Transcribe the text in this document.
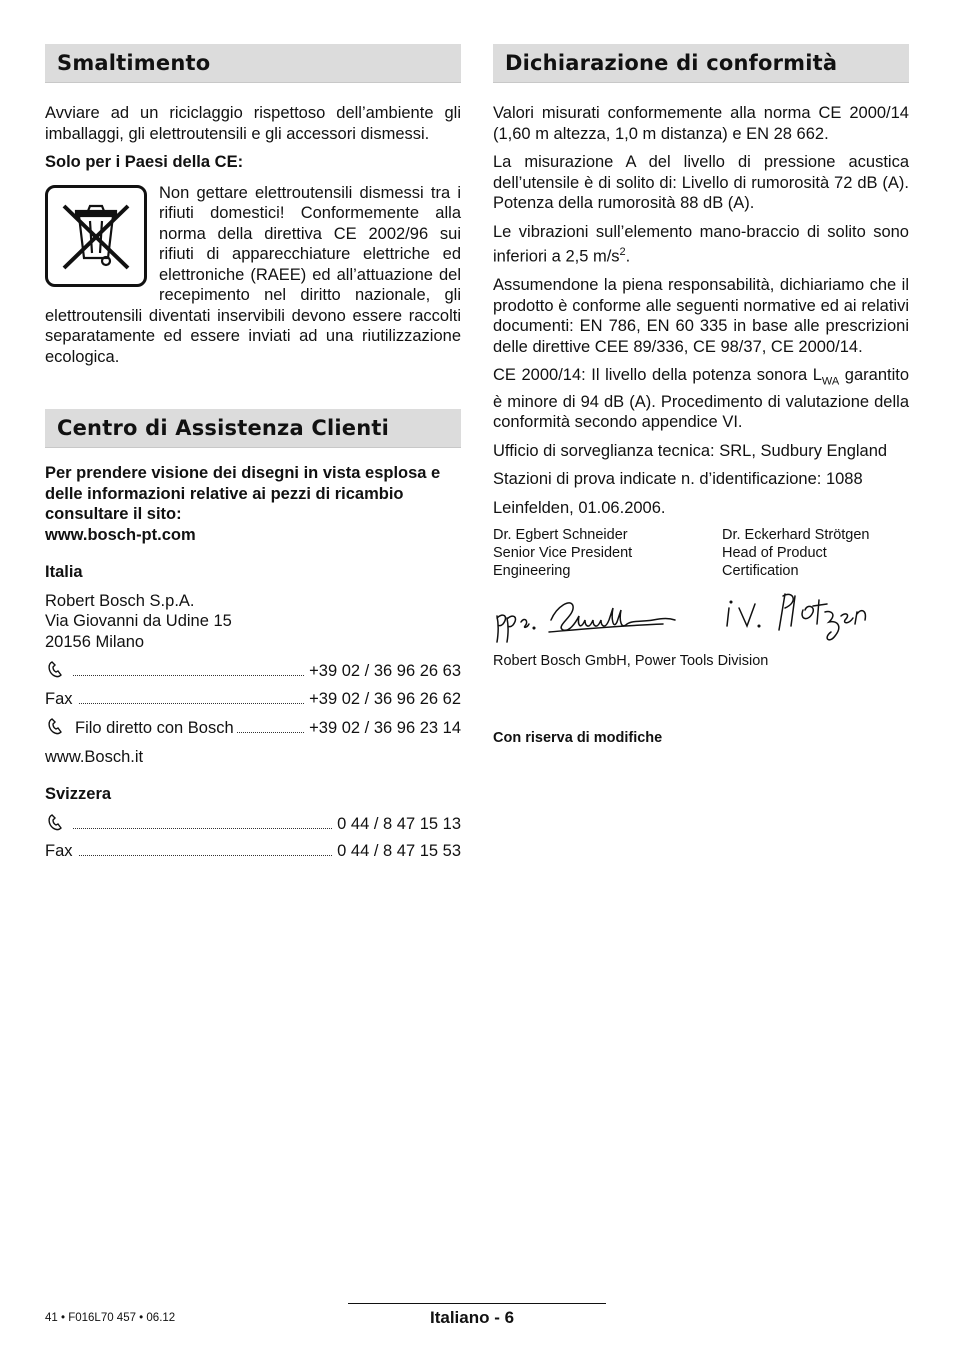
Smaltimento

Avviare ad un riciclaggio rispettoso dell’ambiente gli imballaggi, gli elettroutensili e gli accessori dismessi.

Solo per i Paesi della CE:

Non gettare elettroutensili dismessi tra i rifiuti domestici! Conformemente alla norma della direttiva CE 2002/96 sui rifiuti di apparecchiature elettriche ed elettroniche (RAEE) ed all’attuazione del recepimento nel diritto nazionale, gli elettroutensili diventati inservibili devono essere raccolti separatamente ed essere inviati ad una riutilizzazione ecologica.

Centro di Assistenza Clienti

Per prendere visione dei disegni in vista esplosa e delle informazioni relative ai pezzi di ricambio consultare il sito:

www.bosch-pt.com

Italia

Robert Bosch S.p.A.

Via Giovanni da Udine 15

20156 Milano

+39 02 / 36 96 26 63
Fax	+39 02 / 36 96 26 62
Filo diretto con Bosch	+39 02 / 36 96 23 14

www.Bosch.it

Svizzera

0 44 / 8 47 15 13
Fax	0 44 / 8 47 15 53
Dichiarazione di conformità

Valori misurati conformemente alla norma CE 2000/14 (1,60 m altezza, 1,0 m distanza) e EN 28 662.

La misurazione A del livello di pressione acustica dell’utensile è di solito di: Livello di rumorosità 72 dB (A). Potenza della rumorosità 88 dB (A).

Le vibrazioni sull’elemento mano-braccio di solito sono inferiori a 2,5 $m/s^2$.

Assumendone la piena responsabilità, dichiariamo che il prodotto è conforme alle seguenti normative ed ai relativi documenti: EN 786, EN 60 335 in base alle prescrizioni delle direttive CEE 89/336, CE 98/37, CE 2000/14.

CE 2000/14: Il livello della potenza sonora $L_{WA}$ garantito è minore di 94 dB (A). Procedimento di valutazione della conformità secondo appendice VI.

Ufficio di sorveglianza tecnica: SRL, Sudbury England

Stazioni di prova indicate n. d’identificazione: 1088

Leinfelden, 01.06.2006.

Dr. Egbert Schneider
Senior Vice President
Engineering
Dr. Eckerhard Strötgen
Head of Product
Certification

Robert Bosch GmbH, Power Tools Division

Con riserva di modifiche

41 • F016L70 457 • 06.12	Italiano - 6
